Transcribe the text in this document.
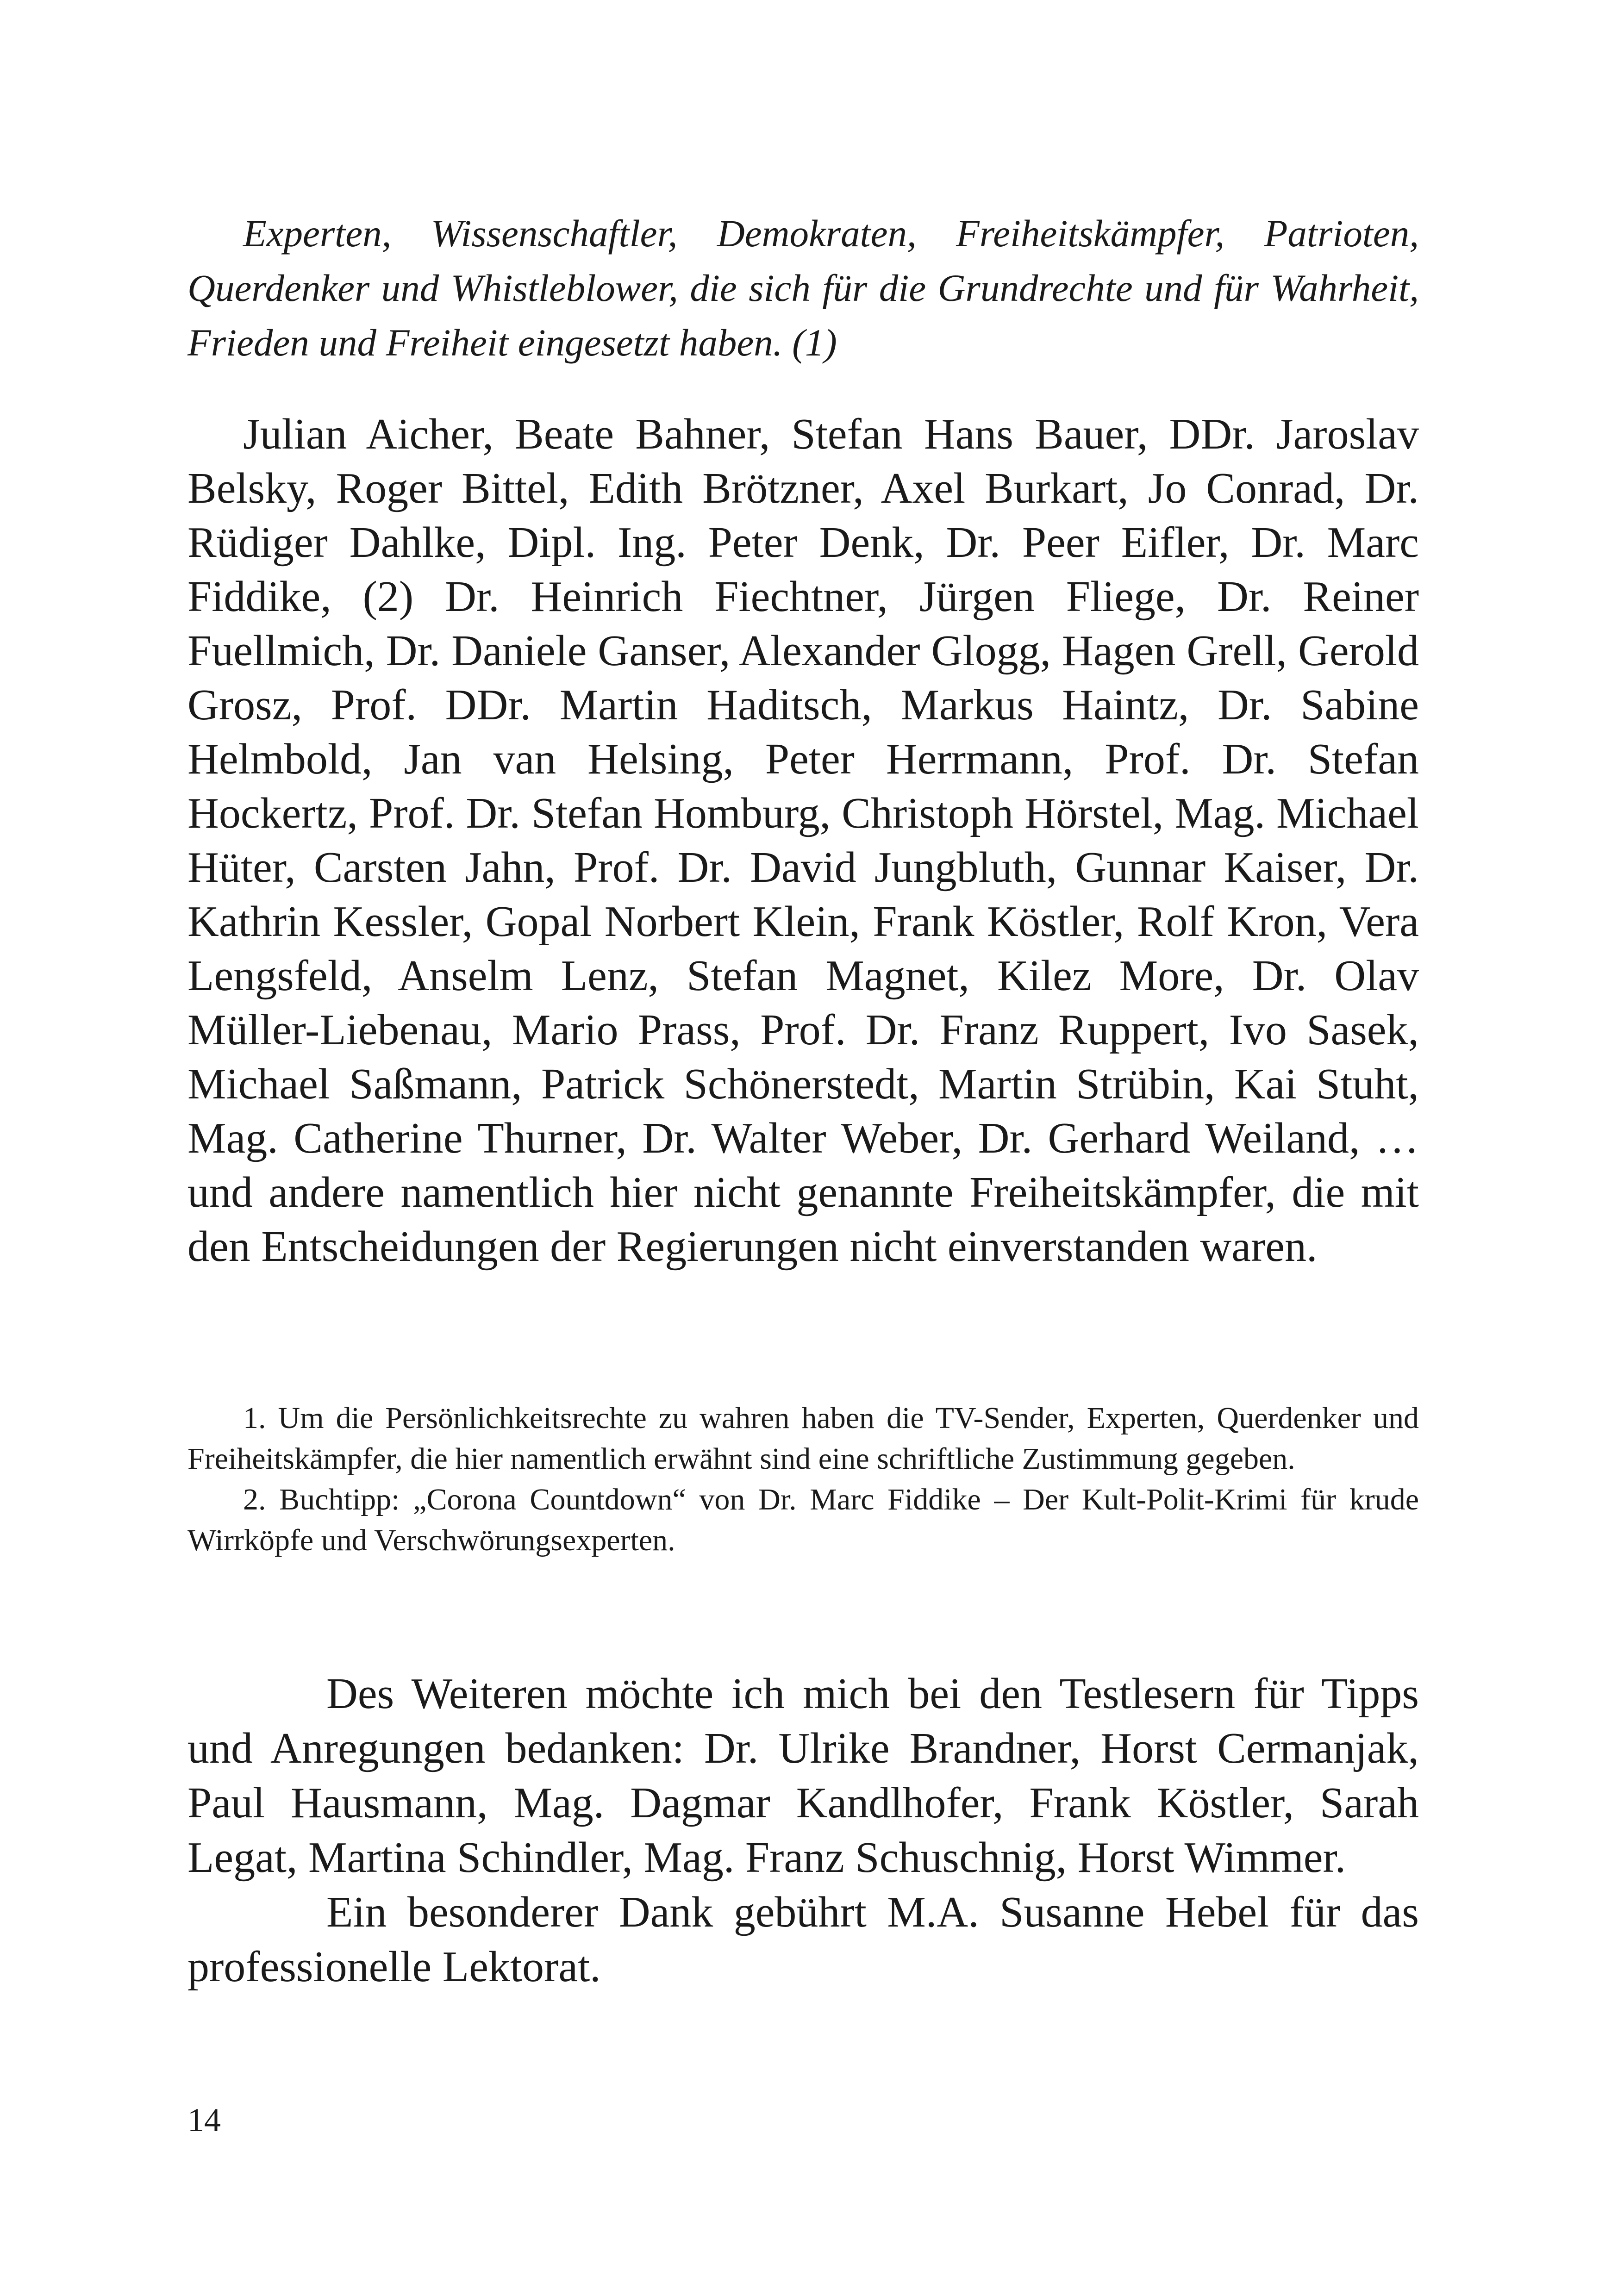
Experten, Wissenschaftler, Demokraten, Freiheitskämpfer, Patrioten, Querdenker und Whistleblower, die sich für die Grundrechte und für Wahrheit, Frieden und Freiheit eingesetzt haben. (1)

Julian Aicher, Beate Bahner, Stefan Hans Bauer, DDr. Jaroslav Belsky, Roger Bittel, Edith Brötzner, Axel Burkart, Jo Conrad, Dr. Rüdiger Dahlke, Dipl. Ing. Peter Denk, Dr. Peer Eifler, Dr. Marc Fiddike, (2) Dr. Heinrich Fiechtner, Jürgen Fliege, Dr. Reiner Fuellmich, Dr. Daniele Ganser, Alexander Glogg, Hagen Grell, Gerold Grosz, Prof. DDr. Martin Haditsch, Markus Haintz, Dr. Sabine Helmbold, Jan van Helsing, Peter Herrmann, Prof. Dr. Stefan Hockertz, Prof. Dr. Stefan Homburg, Christoph Hörstel, Mag. Michael Hüter, Carsten Jahn, Prof. Dr. David Jungbluth, Gunnar Kaiser, Dr. Kathrin Kessler, Gopal Norbert Klein, Frank Köstler, Rolf Kron, Vera Lengsfeld, Anselm Lenz, Stefan Magnet, Kilez More, Dr. Olav Müller-Liebenau, Mario Prass, Prof. Dr. Franz Ruppert, Ivo Sasek, Michael Saßmann, Patrick Schönerstedt, Martin Strübin, Kai Stuht, Mag. Catherine Thurner, Dr. Walter Weber, Dr. Gerhard Weiland, … und andere namentlich hier nicht genannte Freiheitskämpfer, die mit den Entscheidungen der Regierungen nicht einverstanden waren.

1. Um die Persönlichkeitsrechte zu wahren haben die TV-Sender, Experten, Querdenker und Freiheitskämpfer, die hier namentlich erwähnt sind eine schriftliche Zustimmung gegeben.

2. Buchtipp: „Corona Countdown“ von Dr. Marc Fiddike – Der Kult-Polit-Krimi für krude Wirrköpfe und Verschwörungsexperten.

Des Weiteren möchte ich mich bei den Testlesern für Tipps und Anregungen bedanken: Dr. Ulrike Brandner, Horst Cermanjak, Paul Hausmann, Mag. Dagmar Kandlhofer, Frank Köstler, Sarah Legat, Martina Schindler, Mag. Franz Schuschnig, Horst Wimmer.

Ein besonderer Dank gebührt M.A. Susanne Hebel für das professionelle Lektorat.

14
